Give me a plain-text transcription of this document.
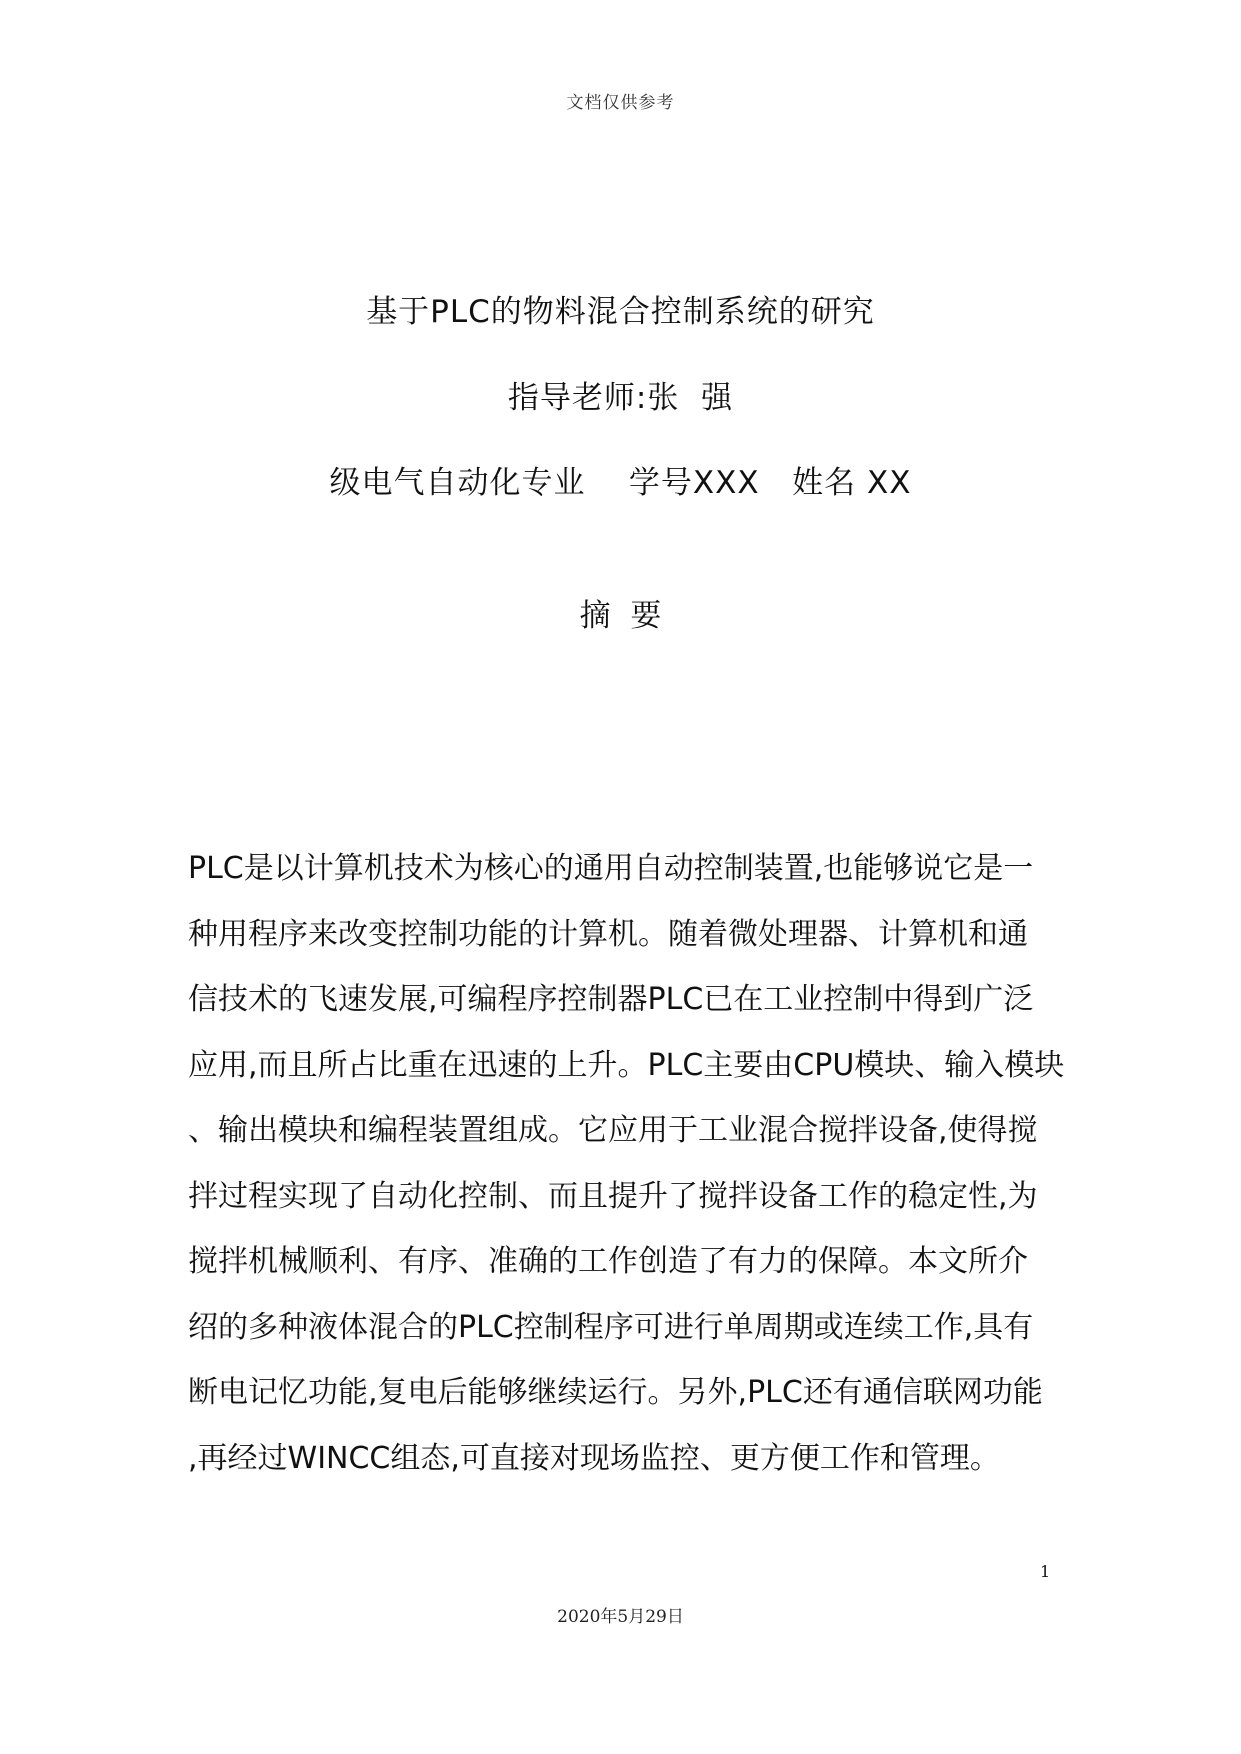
文档仅供参考
基于PLC的物料混合控制系统的研究
指导老师:张  强
级电气自动化专业    学号XXX   姓名 XX
摘  要
PLC是以计算机技术为核心的通用自动控制装置,也能够说它是一
种用程序来改变控制功能的计算机。随着微处理器、计算机和通
信技术的飞速发展,可编程序控制器PLC已在工业控制中得到广泛
应用,而且所占比重在迅速的上升。PLC主要由CPU模块、输入模块
、输出模块和编程装置组成。它应用于工业混合搅拌设备,使得搅
拌过程实现了自动化控制、而且提升了搅拌设备工作的稳定性,为
搅拌机械顺利、有序、准确的工作创造了有力的保障。本文所介
绍的多种液体混合的PLC控制程序可进行单周期或连续工作,具有
断电记忆功能,复电后能够继续运行。另外,PLC还有通信联网功能
,再经过WINCC组态,可直接对现场监控、更方便工作和管理。
1
2020年5月29日
